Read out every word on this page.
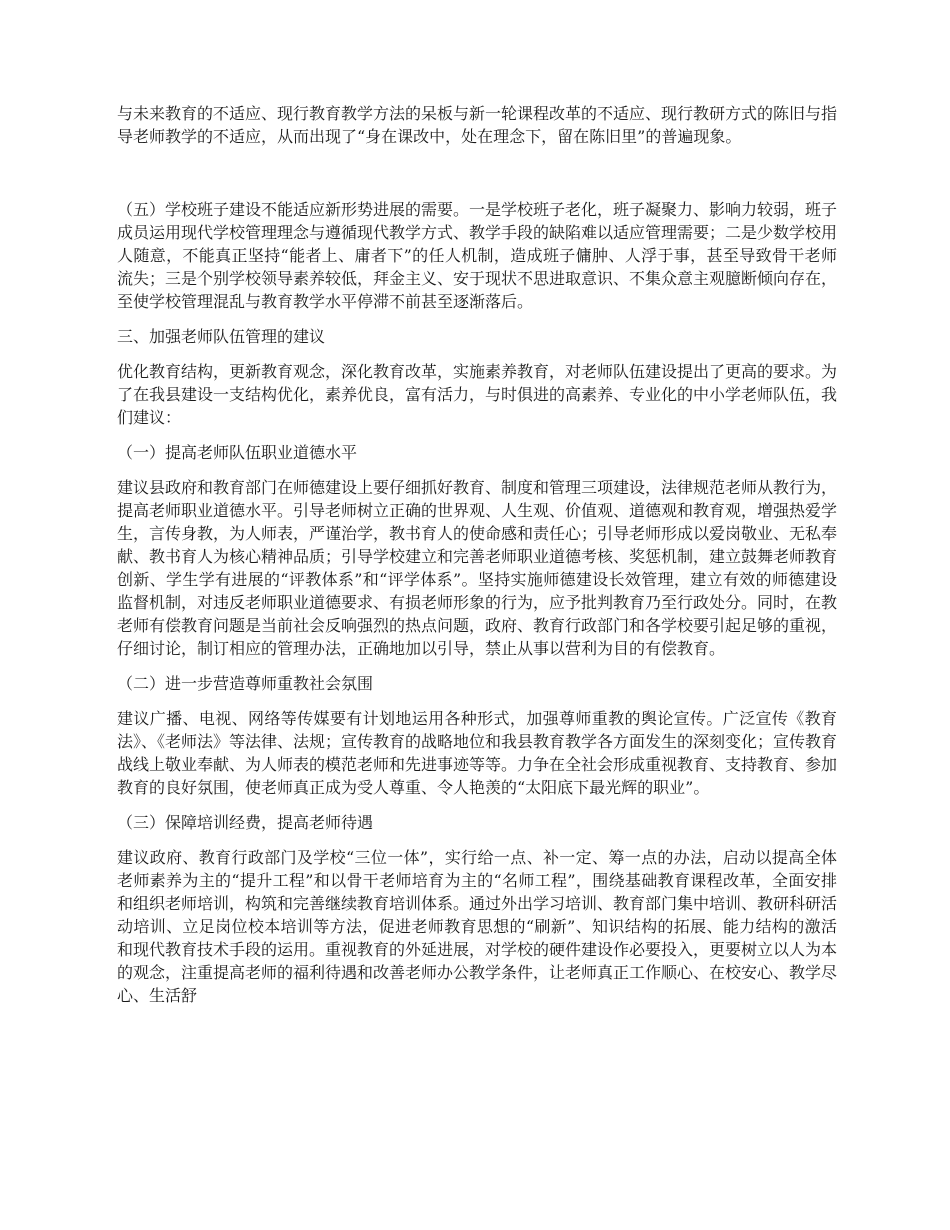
与未来教育的不适应、现行教育教学方法的呆板与新一轮课程改革的不适应、现行教研方式的陈旧与指导老师教学的不适应，从而出现了“身在课改中，处在理念下，留在陈旧里”的普遍现象。

（五）学校班子建设不能适应新形势进展的需要。一是学校班子老化，班子凝聚力、影响力较弱，班子成员运用现代学校管理理念与遵循现代教学方式、教学手段的缺陷难以适应管理需要；二是少数学校用人随意，不能真正坚持“能者上、庸者下”的任人机制，造成班子傭肿、人浮于事，甚至导致骨干老师流失；三是个别学校领导素养较低，拜金主义、安于现状不思进取意识、不集众意主观臆断倾向存在，至使学校管理混乱与教育教学水平停滞不前甚至逐渐落后。

三、加强老师队伍管理的建议

优化教育结构，更新教育观念，深化教育改革，实施素养教育，对老师队伍建设提出了更高的要求。为了在我县建设一支结构优化，素养优良，富有活力，与时俱进的高素养、专业化的中小学老师队伍，我们建议：

（一）提高老师队伍职业道德水平

建议县政府和教育部门在师德建设上要仔细抓好教育、制度和管理三项建设，法律规范老师从教行为，提高老师职业道德水平。引导老师树立正确的世界观、人生观、价值观、道德观和教育观，增强热爱学生，言传身教，为人师表，严谨治学，教书育人的使命感和责任心；引导老师形成以爱岗敬业、无私奉献、教书育人为核心精神品质；引导学校建立和完善老师职业道德考核、奖惩机制，建立鼓舞老师教育创新、学生学有进展的“评教体系”和“评学体系”。坚持实施师德建设长效管理，建立有效的师德建设监督机制，对违反老师职业道德要求、有损老师形象的行为，应予批判教育乃至行政处分。同时，在教老师有偿教育问题是当前社会反响强烈的热点问题，政府、教育行政部门和各学校要引起足够的重视，仔细讨论，制订相应的管理办法，正确地加以引导，禁止从事以营利为目的有偿教育。

（二）进一步营造尊师重教社会氛围

建议广播、电视、网络等传媒要有计划地运用各种形式，加强尊师重教的舆论宣传。广泛宣传《教育法》、《老师法》等法律、法规；宣传教育的战略地位和我县教育教学各方面发生的深刻变化；宣传教育战线上敬业奉献、为人师表的模范老师和先进事迹等等。力争在全社会形成重视教育、支持教育、参加教育的良好氛围，使老师真正成为受人尊重、令人艳羡的“太阳底下最光辉的职业”。

（三）保障培训经费，提高老师待遇

建议政府、教育行政部门及学校“三位一体”，实行给一点、补一定、筹一点的办法，启动以提高全体老师素养为主的“提升工程”和以骨干老师培育为主的“名师工程”，围绕基础教育课程改革，全面安排和组织老师培训，构筑和完善继续教育培训体系。通过外出学习培训、教育部门集中培训、教研科研活动培训、立足岗位校本培训等方法，促进老师教育思想的“刷新”、知识结构的拓展、能力结构的激活和现代教育技术手段的运用。重视教育的外延进展，对学校的硬件建设作必要投入，更要树立以人为本的观念，注重提高老师的福利待遇和改善老师办公教学条件，让老师真正工作顺心、在校安心、教学尽心、生活舒
